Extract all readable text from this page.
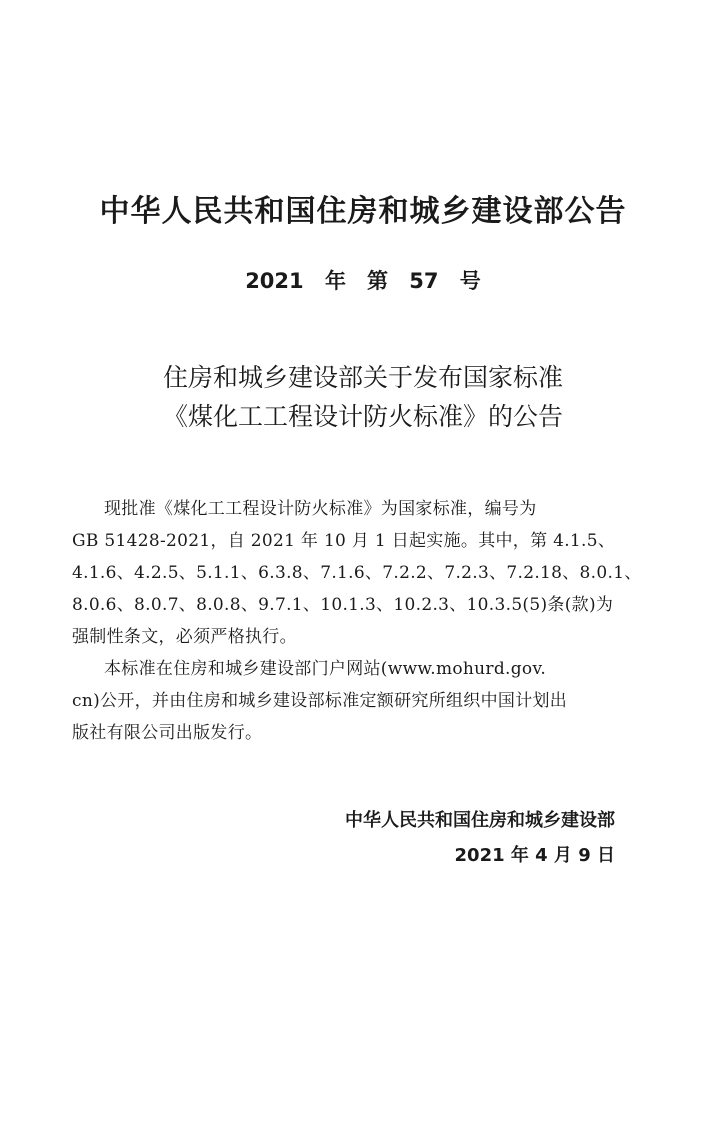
中华人民共和国住房和城乡建设部公告
2021 年　第 57 号
住房和城乡建设部关于发布国家标准
《煤化工工程设计防火标准》的公告
现批准《煤化工工程设计防火标准》为国家标准，编号为
GB 51428-2021，自 2021 年 10 月 1 日起实施。其中，第 4.1.5、
4.1.6、4.2.5、5.1.1、6.3.8、7.1.6、7.2.2、7.2.3、7.2.18、8.0.1、
8.0.6、8.0.7、8.0.8、9.7.1、10.1.3、10.2.3、10.3.5(5)条(款)为
强制性条文，必须严格执行。
本标准在住房和城乡建设部门户网站(www.mohurd.gov.
cn)公开，并由住房和城乡建设部标准定额研究所组织中国计划出
版社有限公司出版发行。
中华人民共和国住房和城乡建设部
2021 年 4 月 9 日
